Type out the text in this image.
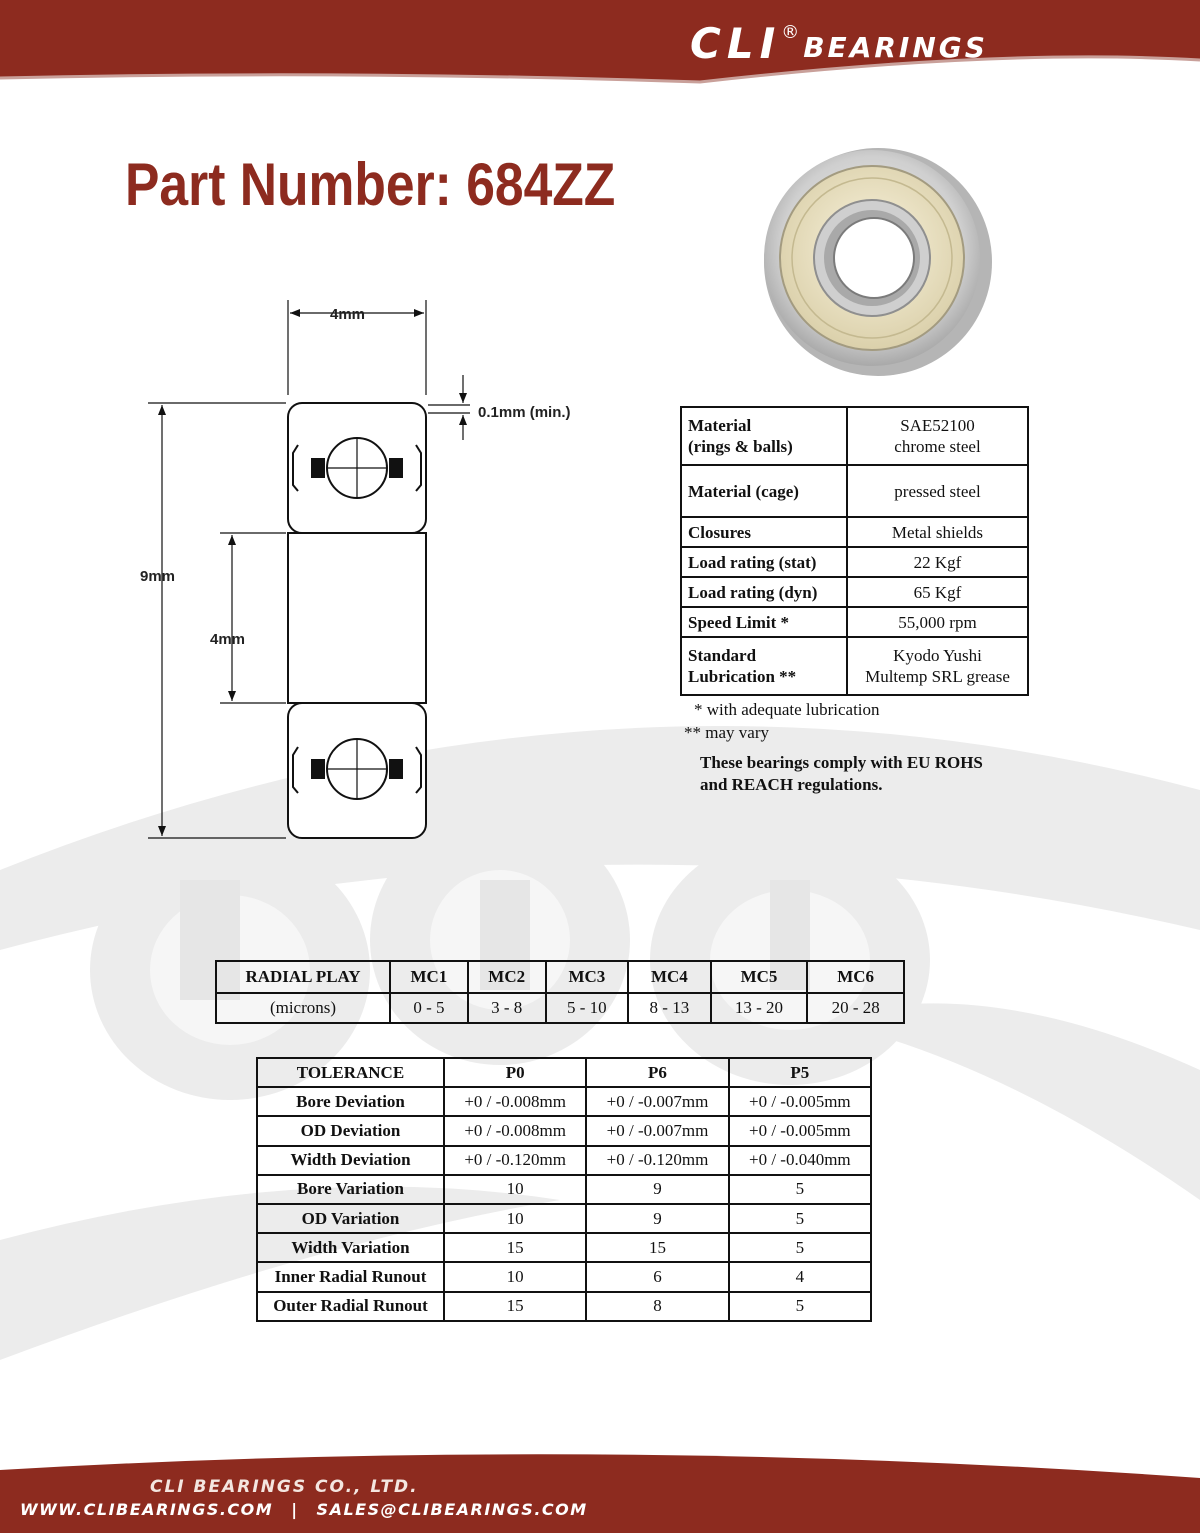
CLI ® BEARINGS
Part Number: 684ZZ
4mm
0.1mm (min.)
9mm
4mm
Material
(rings & balls)	SAE52100
chrome steel
Material (cage)	pressed steel
Closures	Metal shields
Load rating (stat)	22 Kgf
Load rating (dyn)	65 Kgf
Speed Limit *	55,000 rpm
Standard
Lubrication **	Kyodo Yushi
Multemp SRL grease
* with adequate lubrication
** may vary
These bearings comply with EU ROHS
and REACH regulations.
RADIAL PLAY	MC1	MC2	MC3	MC4	MC5	MC6
(microns)	0 - 5	3 - 8	5 - 10	8 - 13	13 - 20	20 - 28
TOLERANCE	P0	P6	P5
Bore Deviation	+0 / -0.008mm	+0 / -0.007mm	+0 / -0.005mm
OD Deviation	+0 / -0.008mm	+0 / -0.007mm	+0 / -0.005mm
Width Deviation	+0 / -0.120mm	+0 / -0.120mm	+0 / -0.040mm
Bore Variation	10	9	5
OD Variation	10	9	5
Width Variation	15	15	5
Inner Radial Runout	10	6	4
Outer Radial Runout	15	8	5
CLI BEARINGS CO., LTD.
WWW.CLIBEARINGS.COM | SALES@CLIBEARINGS.COM
